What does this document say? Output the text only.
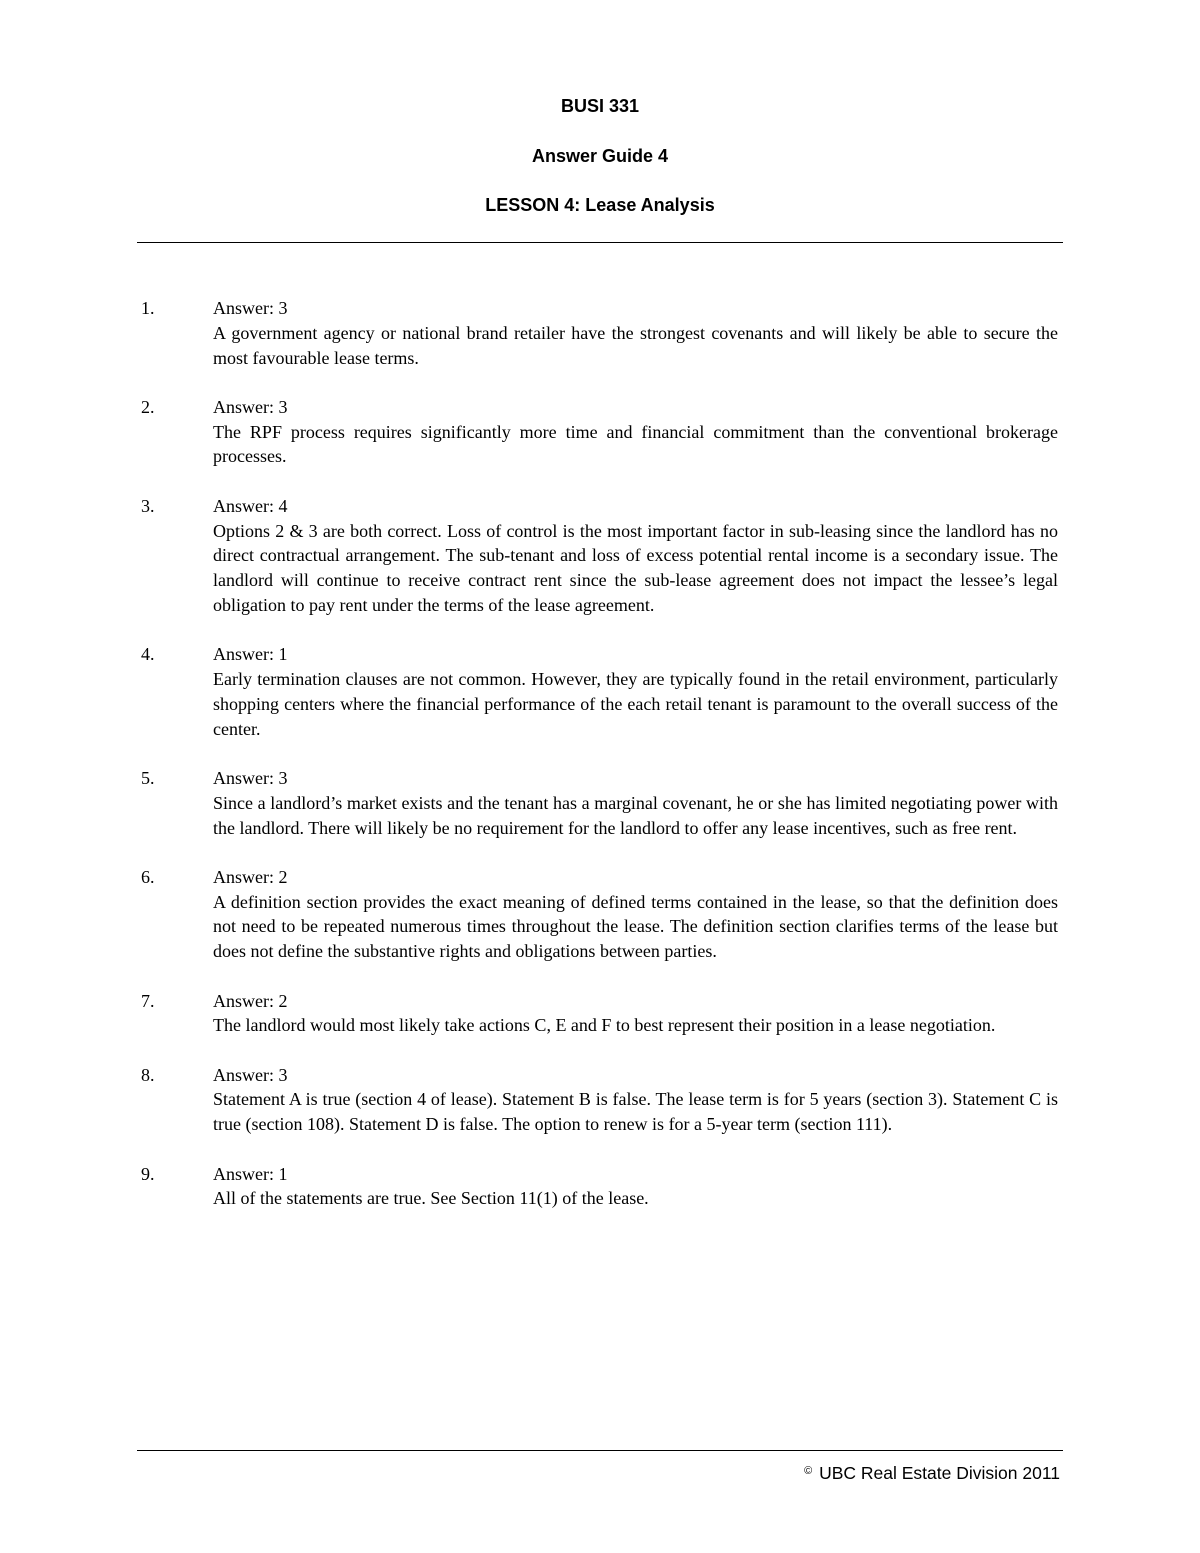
BUSI 331
Answer Guide 4
LESSON 4: Lease Analysis
1.	Answer: 3
A government agency or national brand retailer have the strongest covenants and will likely be able to secure the most favourable lease terms.
2.	Answer: 3
The RPF process requires significantly more time and financial commitment than the conventional brokerage processes.
3.	Answer: 4
Options 2 & 3 are both correct. Loss of control is the most important factor in sub-leasing since the landlord has no direct contractual arrangement. The sub-tenant and loss of excess potential rental income is a secondary issue. The landlord will continue to receive contract rent since the sub-lease agreement does not impact the lessee’s legal obligation to pay rent under the terms of the lease agreement.
4.	Answer: 1
Early termination clauses are not common. However, they are typically found in the retail environment, particularly shopping centers where the financial performance of the each retail tenant is paramount to the overall success of the center.
5.	Answer: 3
Since a landlord’s market exists and the tenant has a marginal covenant, he or she has limited negotiating power with the landlord. There will likely be no requirement for the landlord to offer any lease incentives, such as free rent.
6.	Answer: 2
A definition section provides the exact meaning of defined terms contained in the lease, so that the definition does not need to be repeated numerous times throughout the lease. The definition section clarifies terms of the lease but does not define the substantive rights and obligations between parties.
7.	Answer: 2
The landlord would most likely take actions C, E and F to best represent their position in a lease negotiation.
8.	Answer: 3
Statement A is true (section 4 of lease). Statement B is false. The lease term is for 5 years (section 3). Statement C is true (section 108). Statement D is false. The option to renew is for a 5-year term (section 111).
9.	Answer: 1
All of the statements are true. See Section 11(1) of the lease.
© UBC Real Estate Division 2011
